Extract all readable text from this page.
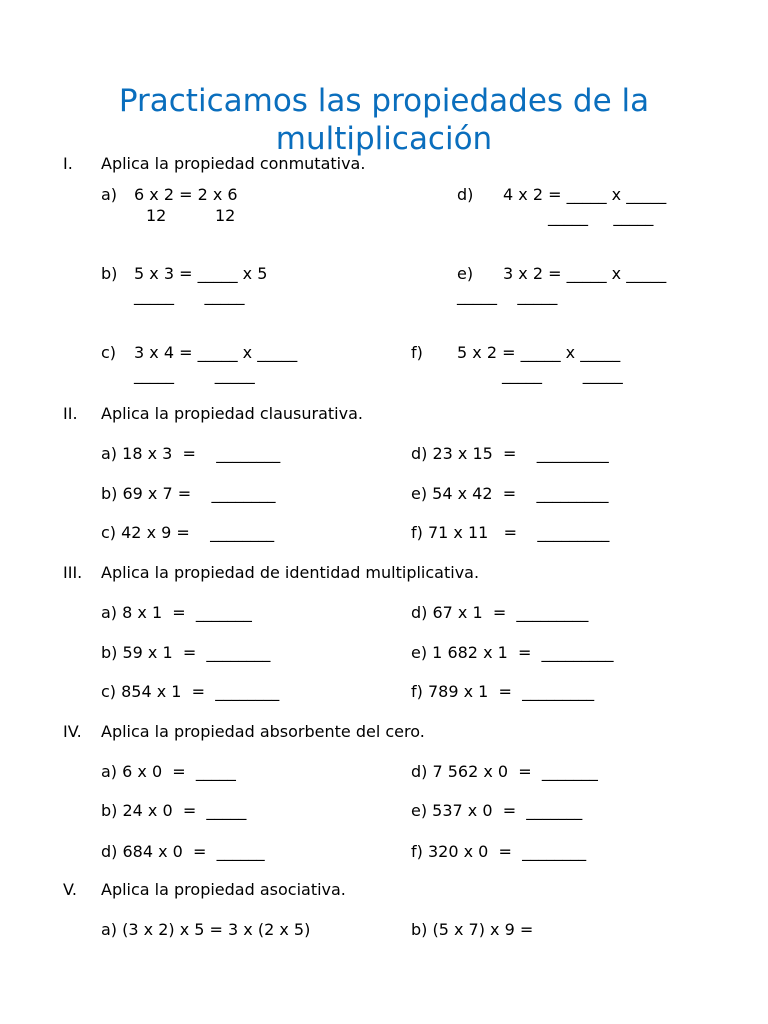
Practicamos las propiedades de la
multiplicación
I. Aplica la propiedad conmutativa.
a) 6 x 2 = 2 x 6
12	12
d) 4 x 2 = _____ x _____
_____     _____
b) 5 x 3 = _____ x 5
_____      _____
e) 3 x 2 = _____ x _____
_____    _____
c) 3 x 4 = _____ x _____
_____        _____
f) 5 x 2 = _____ x _____
_____        _____
II. Aplica la propiedad clausurativa.
a) 18 x 3  =    ________
b) 69 x 7 =    ________
c) 42 x 9 =    ________
d) 23 x 15  =    _________
e) 54 x 42  =    _________
f) 71 x 11   =    _________
III. Aplica la propiedad de identidad multiplicativa.
a) 8 x 1  =  _______
b) 59 x 1  =  ________
c) 854 x 1  =  ________
d) 67 x 1  =  _________
e) 1 682 x 1  =  _________
f) 789 x 1  =  _________
IV. Aplica la propiedad absorbente del cero.
a) 6 x 0  =  _____
b) 24 x 0  =  _____
d) 684 x 0  =  ______
d) 7 562 x 0  =  _______
e) 537 x 0  =  _______
f) 320 x 0  =  ________
V. Aplica la propiedad asociativa.
a) (3 x 2) x 5 = 3 x (2 x 5)	b) (5 x 7) x 9 =
